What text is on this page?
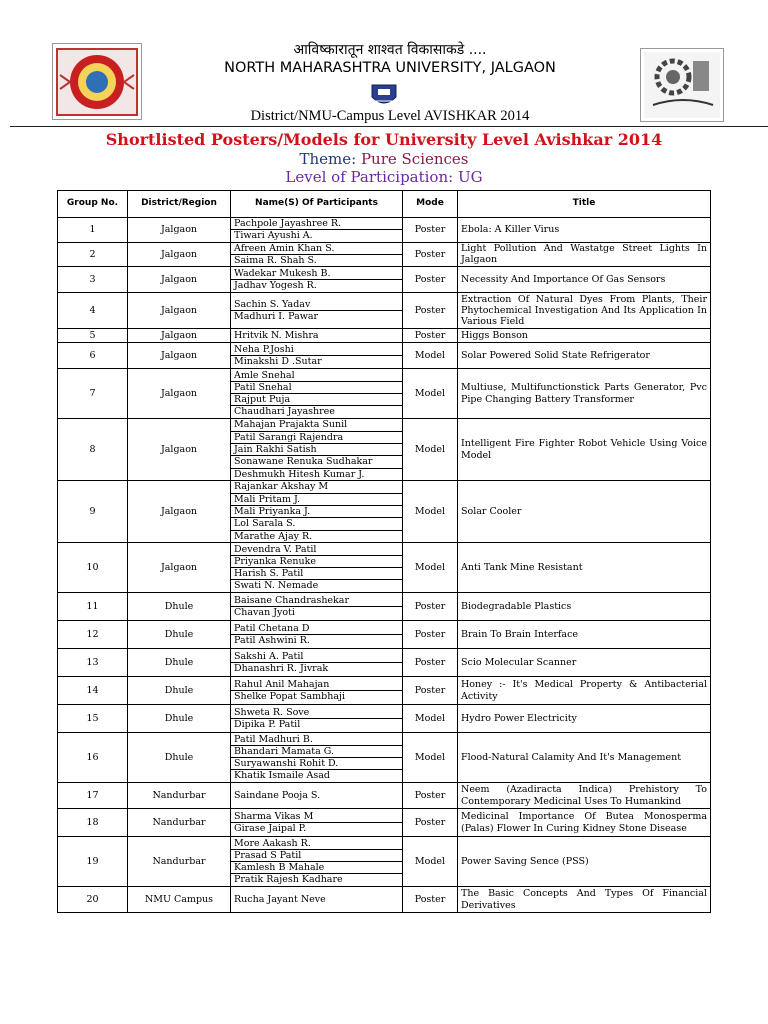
आविष्कारातून शाश्वत विकासाकडे ....
NORTH MAHARASHTRA UNIVERSITY, JALGAON
District/NMU-Campus Level AVISHKAR 2014
Shortlisted Posters/Models for University Level Avishkar 2014
Theme: Pure Sciences
Level of Participation: UG
Group No.	District/Region	Name(S) Of Participants	Mode	Title
1	Jalgaon	Pachpole Jayashree R.
Tiwari Ayushi A.	Poster	Ebola: A Killer Virus
2	Jalgaon	Afreen Amin Khan S.
Saima R. Shah S.	Poster	Light Pollution And Wastatge Street Lights In Jalgaon
3	Jalgaon	Wadekar Mukesh B.
Jadhav Yogesh R.	Poster	Necessity And Importance Of Gas Sensors
4	Jalgaon	Sachin S. Yadav
Madhuri I. Pawar	Poster	Extraction Of Natural Dyes From Plants, Their Phytochemical Investigation And Its Application In Various Field
5	Jalgaon	Hritvik N. Mishra	Poster	Higgs Bonson
6	Jalgaon	Neha P.Joshi
Minakshi D .Sutar	Model	Solar Powered Solid State Refrigerator
7	Jalgaon	Amle Snehal
Patil Snehal
Rajput Puja
Chaudhari Jayashree	Model	Multiuse, Multifunctionstick Parts Generator, Pvc Pipe Changing Battery Transformer
8	Jalgaon	Mahajan Prajakta Sunil
Patil Sarangi Rajendra
Jain Rakhi Satish
Sonawane Renuka Sudhakar
Deshmukh Hitesh Kumar J.	Model	Intelligent Fire Fighter Robot Vehicle Using Voice Model
9	Jalgaon	Rajankar Akshay M
Mali Pritam J.
Mali Priyanka J.
Lol Sarala S.
Marathe Ajay R.	Model	Solar Cooler
10	Jalgaon	Devendra V. Patil
Priyanka Renuke
Harish S. Patil
Swati N. Nemade	Model	Anti Tank Mine Resistant
11	Dhule	Baisane Chandrashekar
Chavan Jyoti	Poster	Biodegradable Plastics
12	Dhule	Patil Chetana D
Patil Ashwini R.	Poster	Brain To Brain Interface
13	Dhule	Sakshi A. Patil
Dhanashri R. Jivrak	Poster	Scio Molecular Scanner
14	Dhule	Rahul Anil Mahajan
Shelke Popat Sambhaji	Poster	Honey :- It's Medical Property & Antibacterial Activity
15	Dhule	Shweta R. Sove
Dipika P. Patil	Model	Hydro Power Electricity
16	Dhule	Patil Madhuri B.
Bhandari Mamata G.
Suryawanshi Rohit D.
Khatik Ismaile Asad	Model	Flood-Natural Calamity And It's Management
17	Nandurbar	Saindane Pooja S.	Poster	Neem (Azadiracta Indica) Prehistory To Contemporary Medicinal Uses To Humankind
18	Nandurbar	Sharma Vikas M
Girase Jaipal P.	Poster	Medicinal Importance Of Butea Monosperma (Palas) Flower In Curing Kidney Stone Disease
19	Nandurbar	More Aakash R.
Prasad S Patil
Kamlesh B Mahale
Pratik Rajesh Kadhare	Model	Power Saving Sence (PSS)
20	NMU Campus	Rucha Jayant Neve	Poster	The Basic Concepts And Types Of Financial Derivatives
